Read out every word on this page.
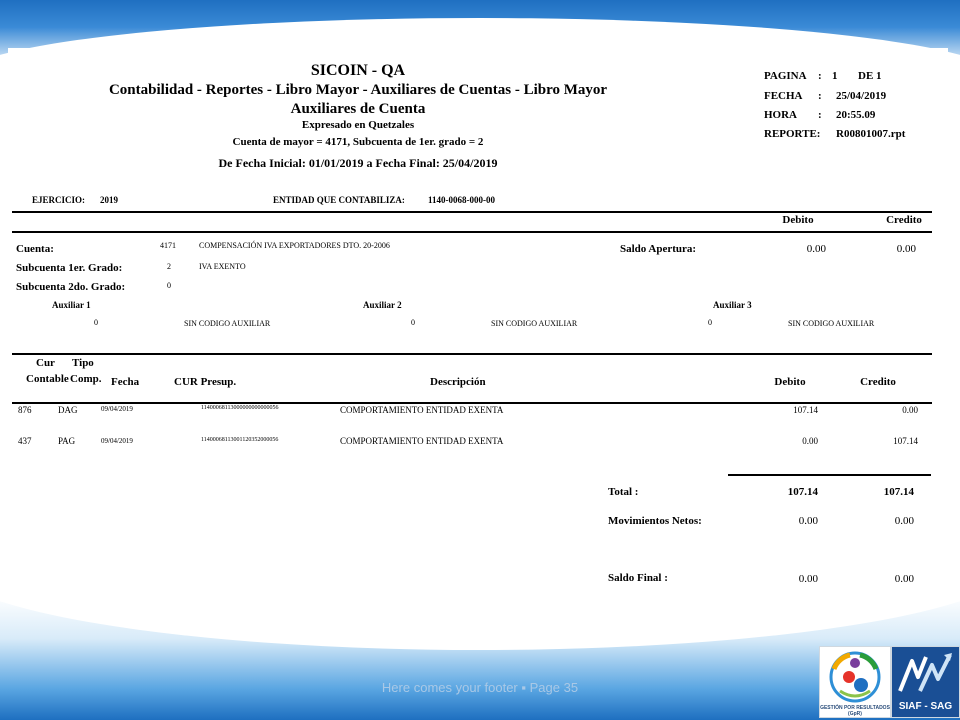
SICOIN - QA
Contabilidad - Reportes - Libro Mayor - Auxiliares de Cuentas - Libro Mayor
Auxiliares de Cuenta
Expresado en Quetzales
Cuenta de mayor = 4171, Subcuenta de 1er. grado = 2
De Fecha Inicial: 01/01/2019 a Fecha Final: 25/04/2019
PAGINA : 1 DE 1
FECHA : 25/04/2019
HORA : 20:55.09
REPORTE: R00801007.rpt
EJERCICIO: 2019	ENTIDAD QUE CONTABILIZA:	1140-0068-000-00
Debito	Credito
Cuenta:	4171	COMPENSACIÓN IVA EXPORTADORES DTO. 20-2006
Subcuenta 1er. Grado:	2	IVA EXENTO
Subcuenta 2do. Grado:	0
Saldo Apertura:	0.00	0.00
Auxiliar 1
0	SIN CODIGO AUXILIAR
Auxiliar 2
0	SIN CODIGO AUXILIAR
Auxiliar 3
0	SIN CODIGO AUXILIAR
Cur Tipo
Contable Comp. Fecha	CUR Presup.	Descripción	Debito	Credito
876	DAG	09/04/2019	11400068113000000000000056	COMPORTAMIENTO ENTIDAD EXENTA	107.14	0.00
437	PAG	09/04/2019	11400068113001120352000056	COMPORTAMIENTO ENTIDAD EXENTA	0.00	107.14
Total :	107.14	107.14
Movimientos Netos:	0.00	0.00
Saldo Final :	0.00	0.00
Here comes your footer ▪ Page 35
GESTIÓN POR RESULTADOS (GpR)
SIAF - SAG
